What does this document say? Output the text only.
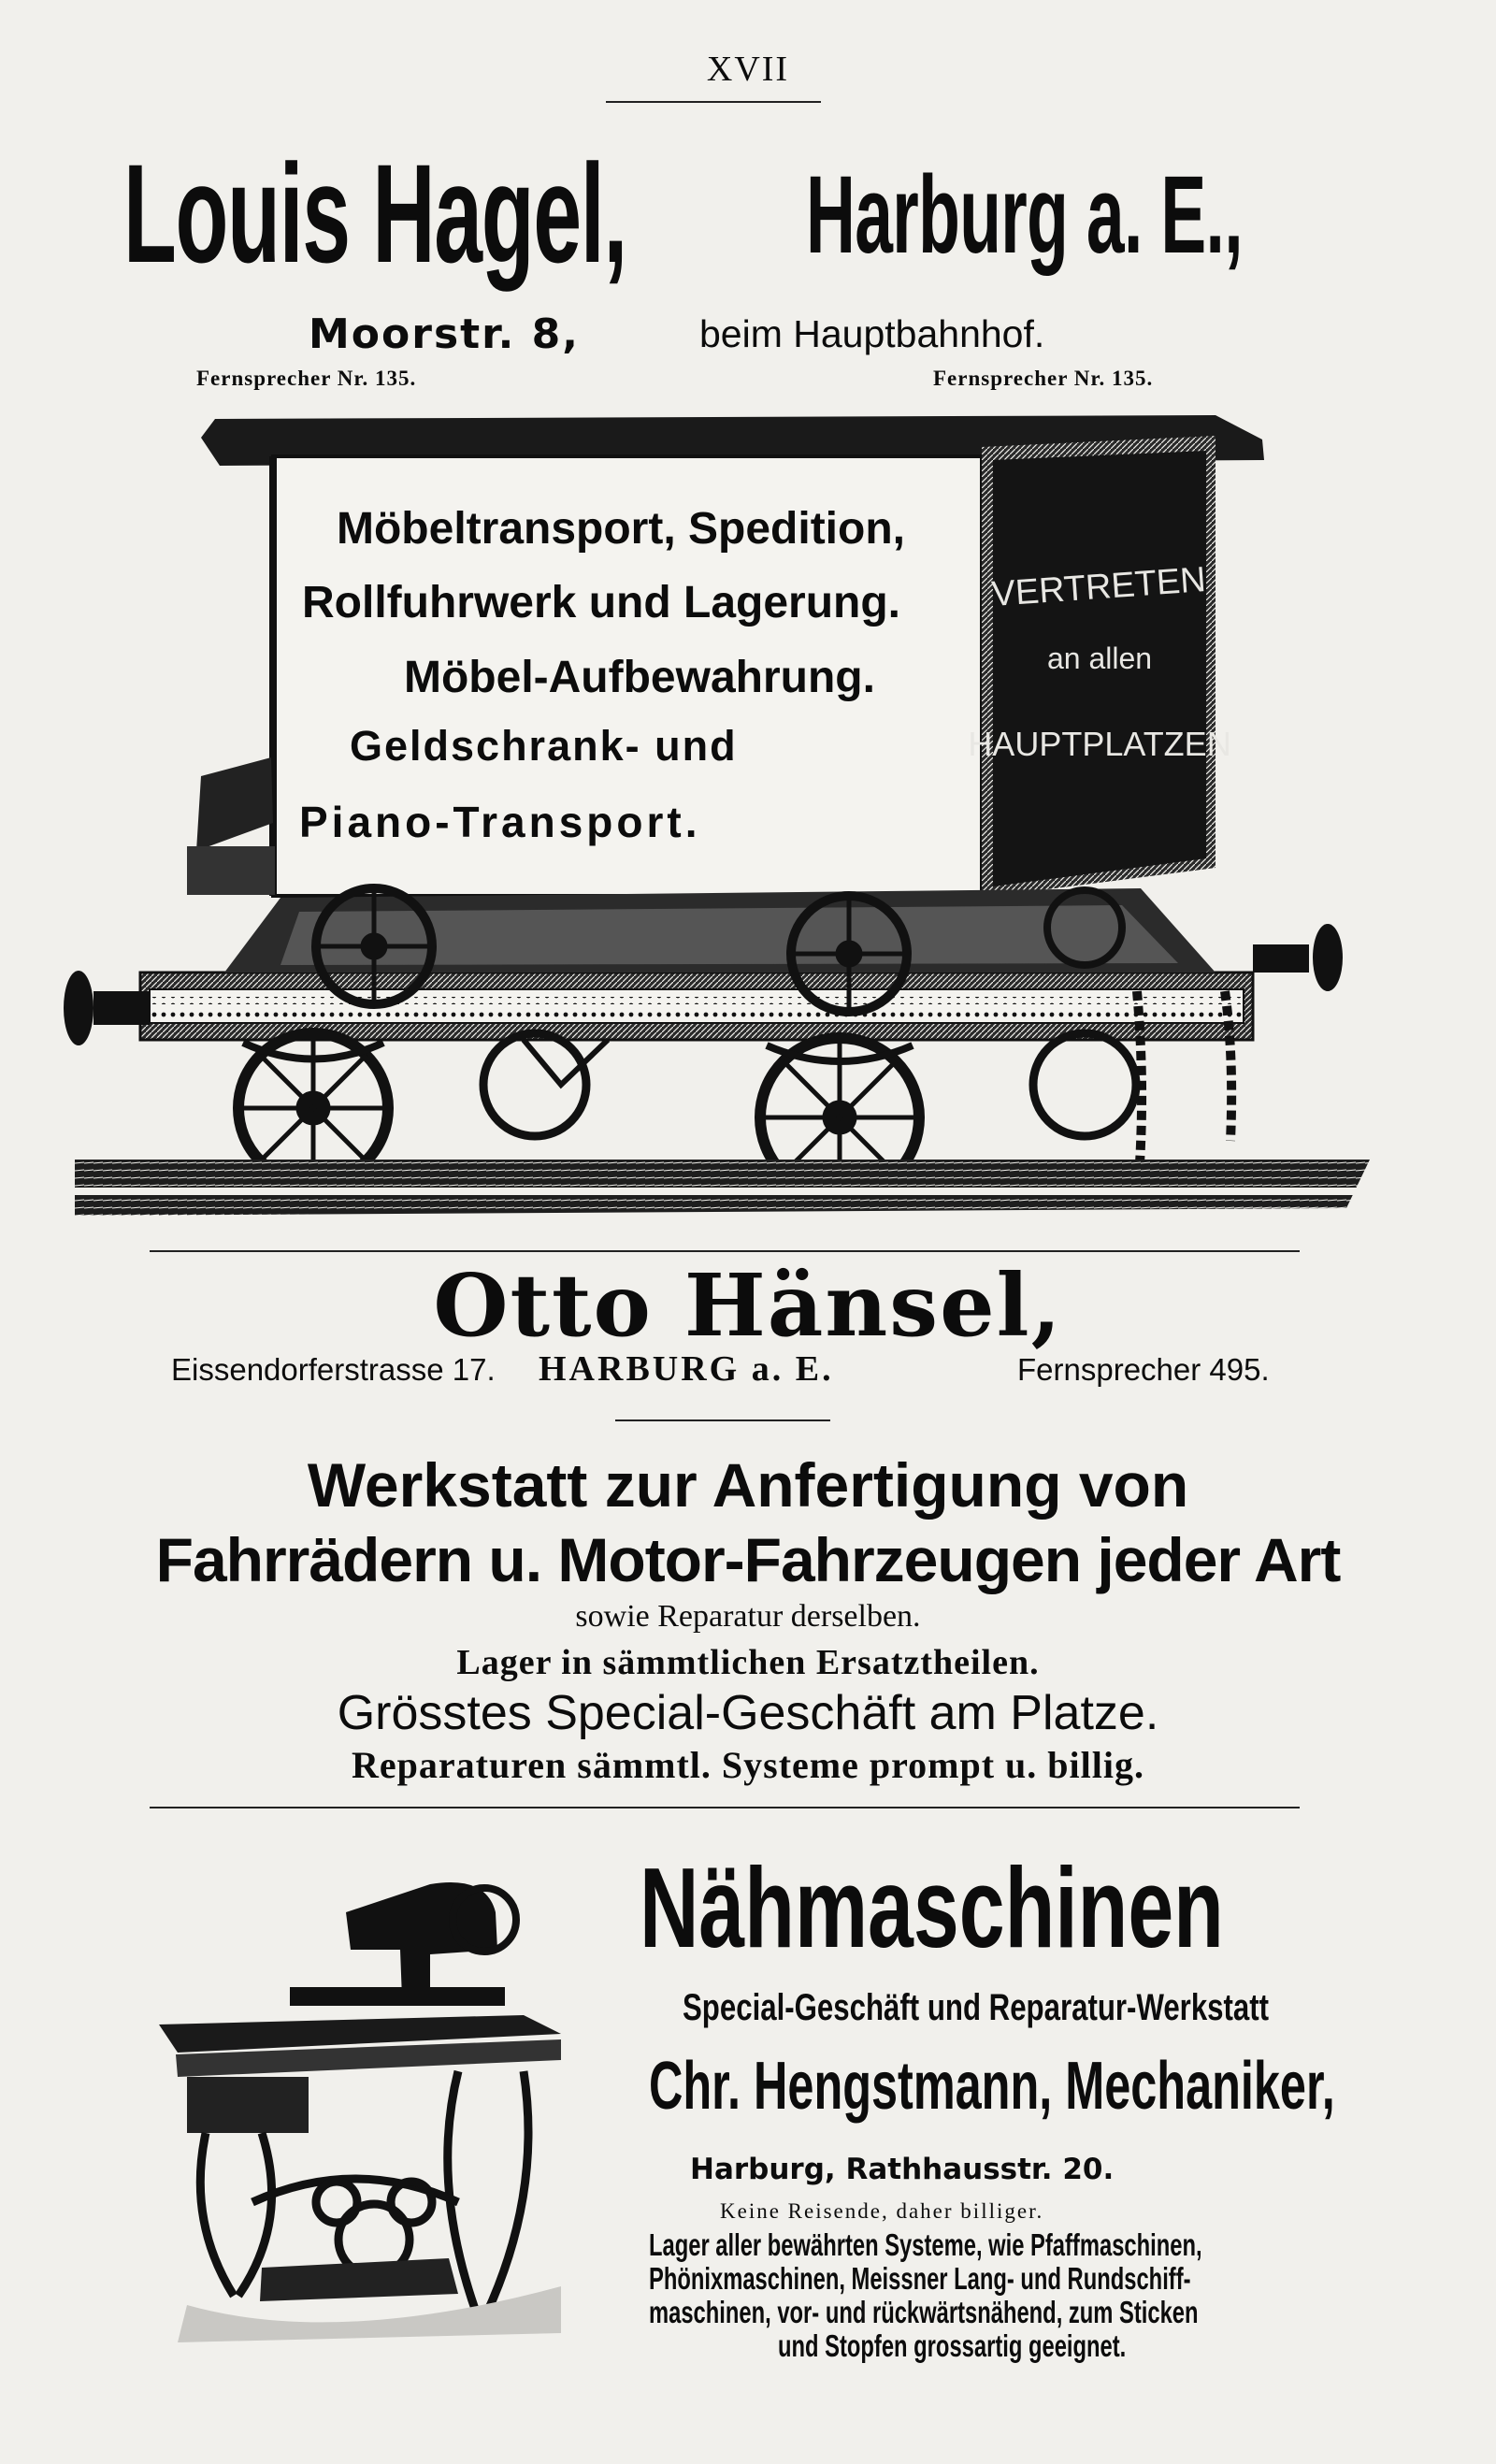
XVII
Louis Hagel, Harburg a. E.,
Moorstr. 8,	beim Hauptbahnhof.
Fernsprecher Nr. 135.	Fernsprecher Nr. 135.
VERTRETEN
an allen
HAUPTPLATZEN
Möbeltransport, Spedition,
Rollfuhrwerk und Lagerung.
Möbel-Aufbewahrung.
Geldschrank- und
Piano-Transport.
Otto Hänsel,
Eissendorferstrasse 17. HARBURG a. E.	Fernsprecher 495.
Werkstatt zur Anfertigung von
Fahrrädern u. Motor-Fahrzeugen jeder Art
sowie Reparatur derselben.
Lager in sämmtlichen Ersatztheilen.
Grösstes Special-Geschäft am Platze.
Reparaturen sämmtl. Systeme prompt u. billig.
Nähmaschinen
Special-Geschäft und Reparatur-Werkstatt
Chr. Hengstmann, Mechaniker,
Harburg, Rathhausstr. 20.
Keine Reisende, daher billiger.
Lager aller bewährten Systeme, wie Pfaffmaschinen,
Phönixmaschinen, Meissner Lang- und Rundschiff-
maschinen, vor- und rückwärtsnähend, zum Sticken
und Stopfen grossartig geeignet.
